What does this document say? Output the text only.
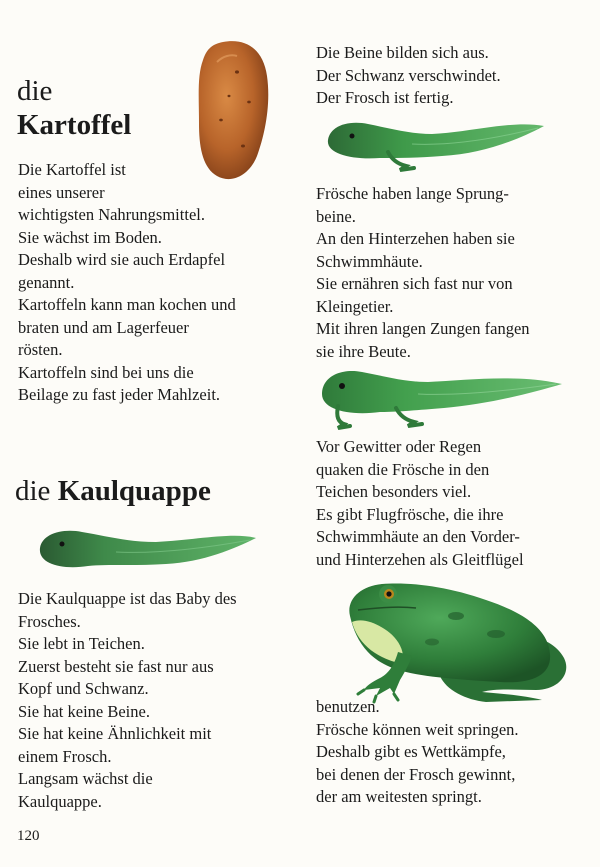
die
Kartoffel
Die Kartoffel ist
eines unserer
wichtigsten Nahrungsmittel.
Sie wächst im Boden.
Deshalb wird sie auch Erdapfel
genannt.
Kartoffeln kann man kochen und
braten und am Lagerfeuer
rösten.
Kartoffeln sind bei uns die
Beilage zu fast jeder Mahlzeit.
die Kaulquappe
Die Kaulquappe ist das Baby des
Frosches.
Sie lebt in Teichen.
Zuerst besteht sie fast nur aus
Kopf und Schwanz.
Sie hat keine Beine.
Sie hat keine Ähnlichkeit mit
einem Frosch.
Langsam wächst die
Kaulquappe.
120
Die Beine bilden sich aus.
Der Schwanz verschwindet.
Der Frosch ist fertig.
Frösche haben lange Sprung-
beine.
An den Hinterzehen haben sie
Schwimmhäute.
Sie ernähren sich fast nur von
Kleingetier.
Mit ihren langen Zungen fangen
sie ihre Beute.
Vor Gewitter oder Regen
quaken die Frösche in den
Teichen besonders viel.
Es gibt Flugfrösche, die ihre
Schwimmhäute an den Vorder-
und Hinterzehen als Gleitflügel
benutzen.
Frösche können weit springen.
Deshalb gibt es Wettkämpfe,
bei denen der Frosch gewinnt,
der am weitesten springt.
